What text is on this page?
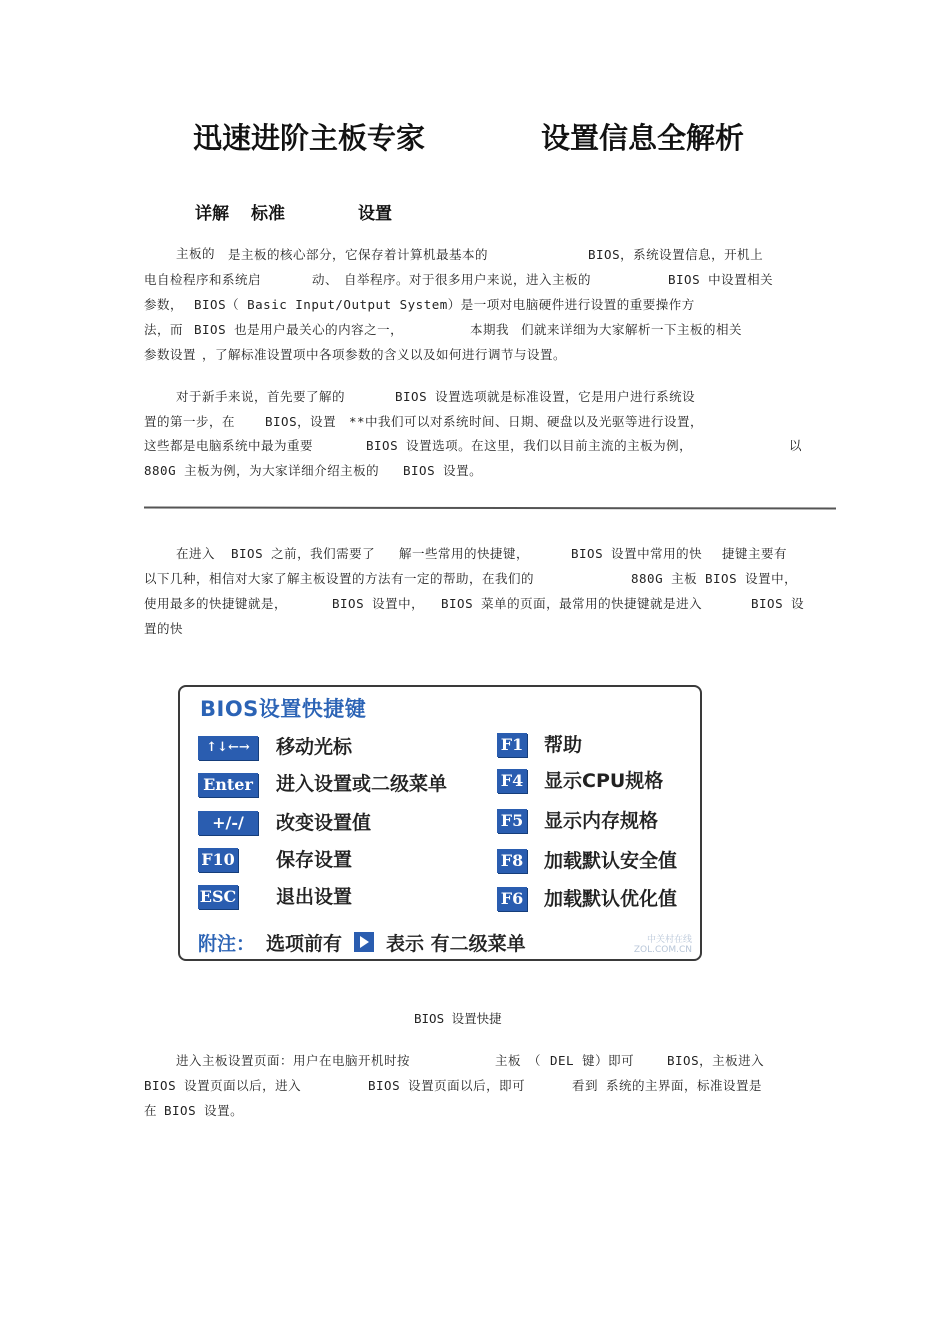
迅速进阶主板专家	设置信息全解析
详解 标准	设置
主板的 是主板的核心部分，它保存着计算机最基本的	BIOS，系统设置信息，开机上
电自检程序和系统启	动、 自举程序。对于很多用户来说，进入主板的	BIOS 中设置相关
参数， BIOS（ Basic Input/Output System）是一项对电脑硬件进行设置的重要操作方
法，而 BIOS 也是用户最关心的内容之一，	本期我 们就来详细为大家解析一下主板的相关
参数设置 ，了解标准设置项中各项参数的含义以及如何进行调节与设置。
对于新手来说，首先要了解的	BIOS 设置选项就是标准设置，它是用户进行系统设
置的第一步，在 BIOS，设置 **中我们可以对系统时间、日期、硬盘以及光驱等进行设置，
这些都是电脑系统中最为重要	BIOS 设置选项。在这里，我们以目前主流的主板为例，	以
880G 主板为例，为大家详细介绍主板的 BIOS 设置。
在进入 BIOS 之前，我们需要了 解一些常用的快捷键，	BIOS 设置中常用的快 捷键主要有
以下几种，相信对大家了解主板设置的方法有一定的帮助，在我们的	880G 主板 BIOS 设置中，
使用最多的快捷键就是，	BIOS 设置中， BIOS 菜单的页面，最常用的快捷键就是进入	BIOS 设
置的快
BIOS设置快捷键
↑↓←→	移动光标
Enter 进入设置或二级菜单
+/-/	改变设置值
F10 保存设置
ESC 退出设置
F1 帮助
F4 显示CPU规格
F5 显示内存规格
F8 加载默认安全值
F6 加载默认优化值
附注： 选项前有 表示 有二级菜单	中关村在线
ZOL.COM.CN
BIOS 设置快捷
进入主板设置页面：用户在电脑开机时按	主板 （ DEL 键）即可	BIOS，主板进入
BIOS 设置页面以后，进入	BIOS 设置页面以后，即可	看到 系统的主界面，标准设置是
在 BIOS 设置。
